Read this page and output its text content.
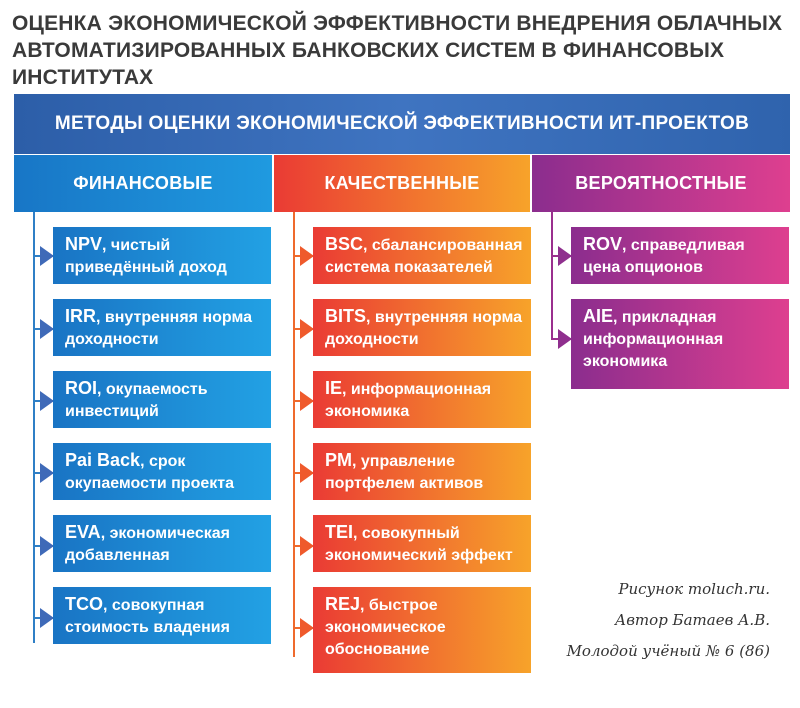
ОЦЕНКА ЭКОНОМИЧЕСКОЙ ЭФФЕКТИВНОСТИ ВНЕДРЕНИЯ ОБЛАЧНЫХ АВТОМАТИЗИРОВАННЫХ БАНКОВСКИХ СИСТЕМ В ФИНАНСОВЫХ ИНСТИТУТАХ
МЕТОДЫ ОЦЕНКИ ЭКОНОМИЧЕСКОЙ ЭФФЕКТИВНОСТИ ИТ-ПРОЕКТОВ
ФИНАНСОВЫЕ	КАЧЕСТВЕННЫЕ	ВЕРОЯТНОСТНЫЕ
NPV, чистый приведённый доход
IRR, внутренняя норма доходности
ROI, окупаемость инвестиций
Pai Back, срок окупаемости проекта
EVA, экономическая добавленная
TCO, совокупная стоимость владения
BSC, сбалансированная система показателей
BITS, внутренняя норма доходности
IE, информационная экономика
PM, управление портфелем активов
TEI, совокупный экономический эффект
REJ, быстрое экономическое обоснование
ROV, справедливая цена опционов
AIE, прикладная информационная экономика
Рисунок moluch.ru.
Автор Батаев А.В.
Молодой учёный № 6 (86)
